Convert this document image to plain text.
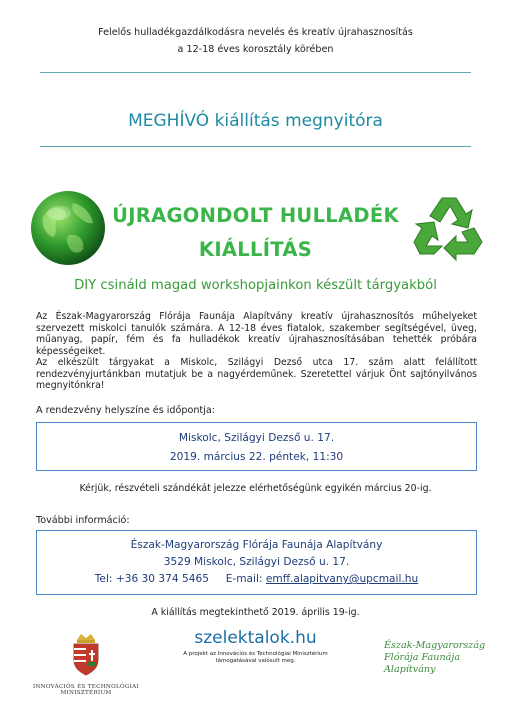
Felelős hulladékgazdálkodásra nevelés és kreatív újrahasznosítás
a 12-18 éves korosztály körében
MEGHÍVÓ kiállítás megnyitóra
ÚJRAGONDOLT HULLADÉK
KIÁLLÍTÁS
DIY csináld magad workshopjainkon készült tárgyakból
Az Észak-Magyarország Flórája Faunája Alapítvány kreatív újrahasznosítós műhelyeket szervezett miskolci tanulók számára. A 12-18 éves fiatalok, szakember segítségével, üveg, műanyag, papír, fém és fa hulladékok kreatív újrahasznosításában tehették próbára képességeiket.
Az elkészült tárgyakat a Miskolc, Szilágyi Dezső utca 17. szám alatt felállított rendezvényjurtánkban mutatjuk be a nagyérdeműnek. Szeretettel várjuk Önt sajtónyilvános megnyitónkra!
A rendezvény helyszíne és időpontja:
Miskolc, Szilágyi Dezső u. 17.
2019. március 22. péntek, 11:30
Kérjük, részvételi szándékát jelezze elérhetőségünk egyikén március 20-ig.
További információ:
Észak-Magyarország Flórája Faunája Alapítvány
3529 Miskolc, Szilágyi Dezső u. 17.
Tel: +36 30 374 5465 E-mail: emff.alapitvany@upcmail.hu
A kiállítás megtekinthető 2019. április 19-ig.
INNOVÁCIÓS ÉS TECHNOLÓGIAI
MINISZTÉRIUM
szelektalok.hu
A projekt az Innovációs és Technológiai Minisztérium
támogatásával valósult meg.
Észak-Magyarország
Flórája Faunája
Alapítvány
